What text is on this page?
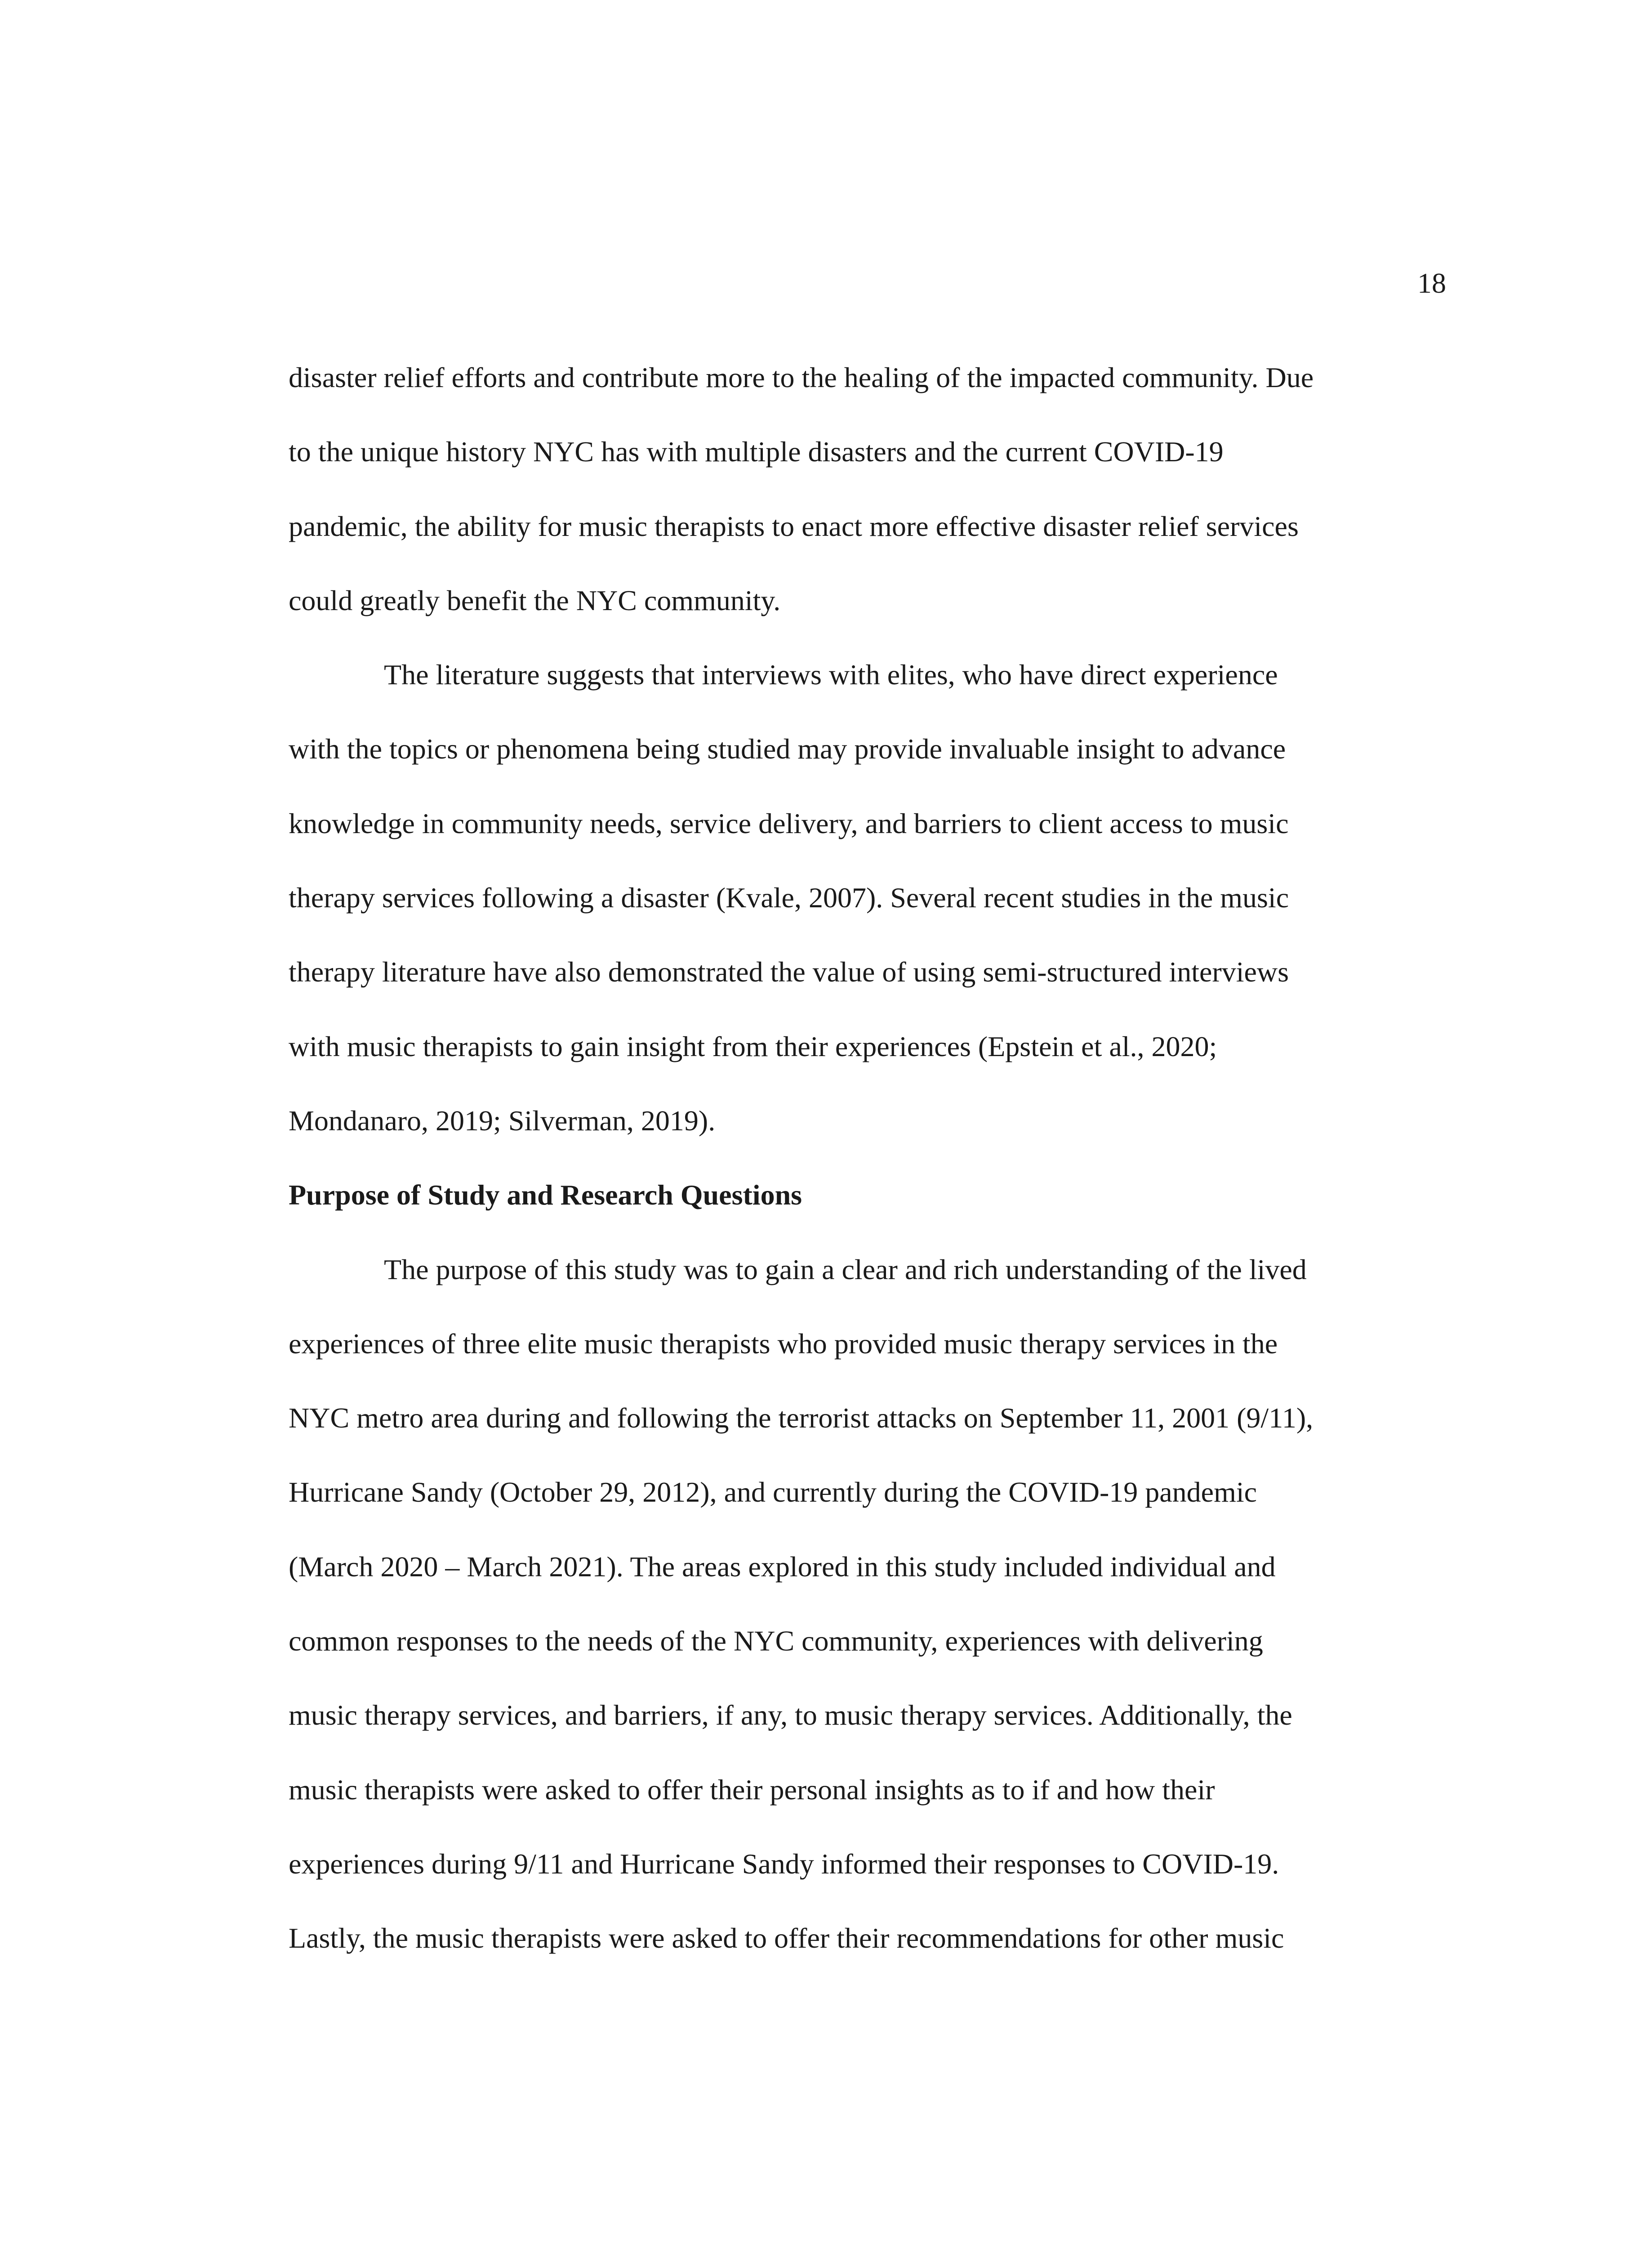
18
disaster relief efforts and contribute more to the healing of the impacted community. Due
to the unique history NYC has with multiple disasters and the current COVID-19
pandemic, the ability for music therapists to enact more effective disaster relief services
could greatly benefit the NYC community.
The literature suggests that interviews with elites, who have direct experience
with the topics or phenomena being studied may provide invaluable insight to advance
knowledge in community needs, service delivery, and barriers to client access to music
therapy services following a disaster (Kvale, 2007). Several recent studies in the music
therapy literature have also demonstrated the value of using semi-structured interviews
with music therapists to gain insight from their experiences (Epstein et al., 2020;
Mondanaro, 2019; Silverman, 2019).
Purpose of Study and Research Questions
The purpose of this study was to gain a clear and rich understanding of the lived
experiences of three elite music therapists who provided music therapy services in the
NYC metro area during and following the terrorist attacks on September 11, 2001 (9/11),
Hurricane Sandy (October 29, 2012), and currently during the COVID-19 pandemic
(March 2020 – March 2021). The areas explored in this study included individual and
common responses to the needs of the NYC community, experiences with delivering
music therapy services, and barriers, if any, to music therapy services. Additionally, the
music therapists were asked to offer their personal insights as to if and how their
experiences during 9/11 and Hurricane Sandy informed their responses to COVID-19.
Lastly, the music therapists were asked to offer their recommendations for other music
